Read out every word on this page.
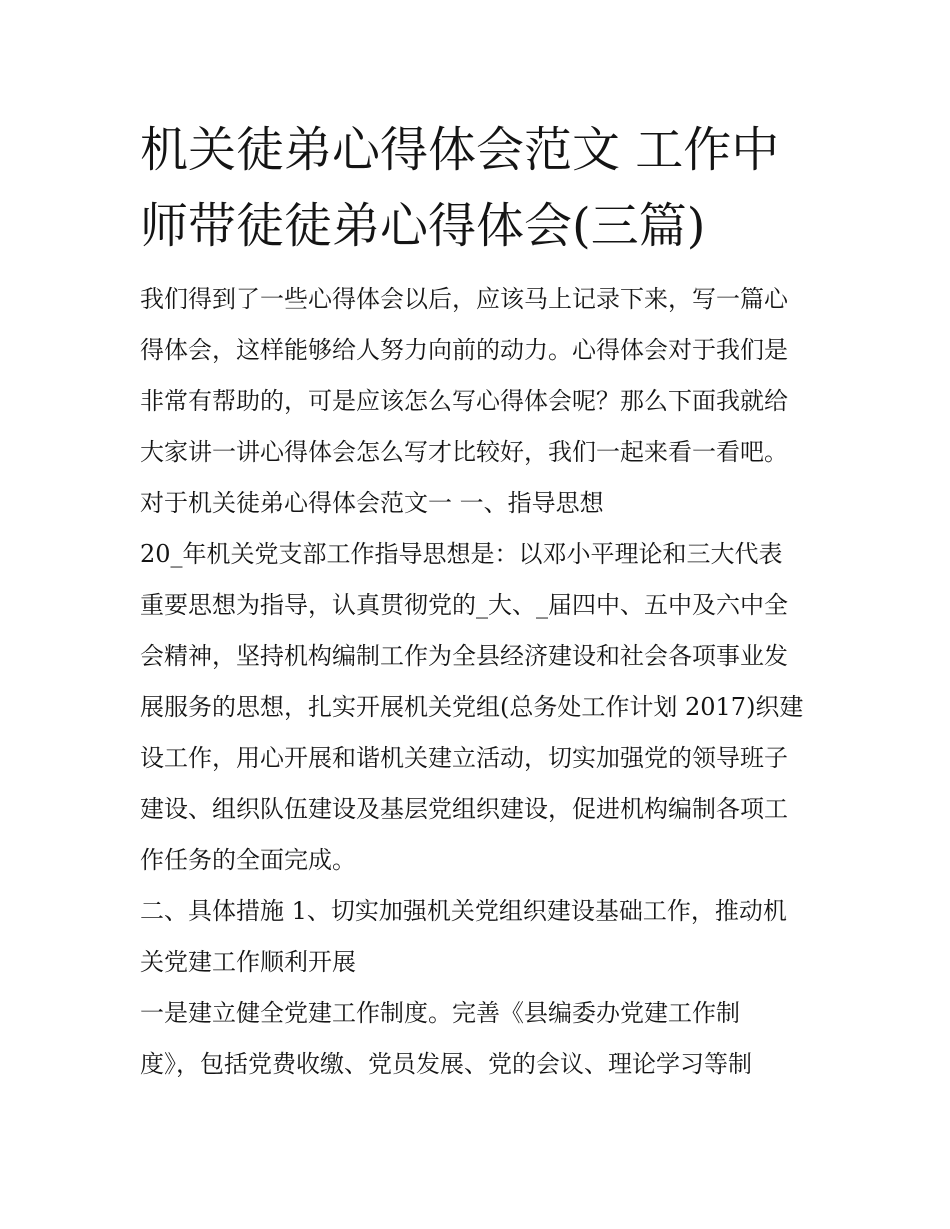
机关徒弟心得体会范文 工作中
师带徒徒弟心得体会(三篇)
我们得到了一些心得体会以后，应该马上记录下来，写一篇心
得体会，这样能够给人努力向前的动力。心得体会对于我们是
非常有帮助的，可是应该怎么写心得体会呢？那么下面我就给
大家讲一讲心得体会怎么写才比较好，我们一起来看一看吧。
对于机关徒弟心得体会范文一 一、指导思想
20_年机关党支部工作指导思想是：以邓小平理论和三大代表
重要思想为指导，认真贯彻党的_大、_届四中、五中及六中全
会精神，坚持机构编制工作为全县经济建设和社会各项事业发
展服务的思想，扎实开展机关党组(总务处工作计划 2017)织建
设工作，用心开展和谐机关建立活动，切实加强党的领导班子
建设、组织队伍建设及基层党组织建设，促进机构编制各项工
作任务的全面完成。
二、具体措施 1、切实加强机关党组织建设基础工作，推动机
关党建工作顺利开展
一是建立健全党建工作制度。完善《县编委办党建工作制
度》，包括党费收缴、党员发展、党的会议、理论学习等制
